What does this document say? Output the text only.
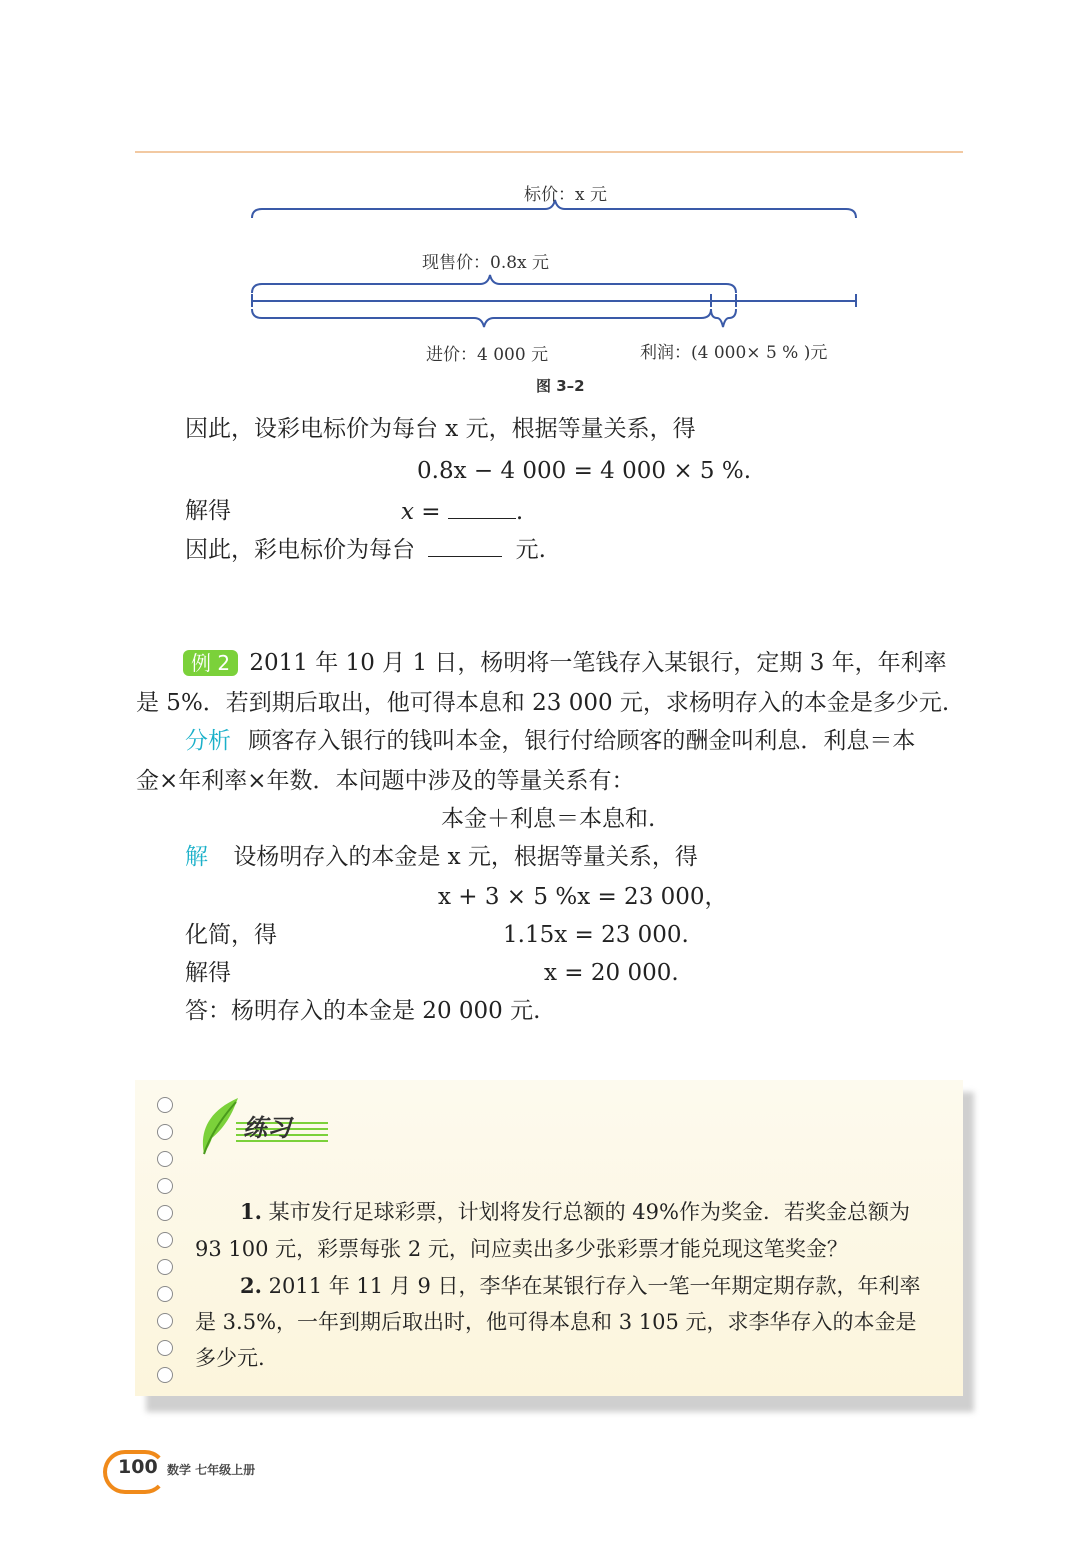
标价：x 元
现售价：0.8x 元
进价：4 000 元	利润：(4 000× 5 % )元
图 3–2
因此，设彩电标价为每台 x 元，根据等量关系，得
0.8x − 4 000 = 4 000 × 5 %.
解得	x =	.
因此，彩电标价为每台	元.
例 2 2011 年 10 月 1 日，杨明将一笔钱存入某银行，定期 3 年，年利率
是 5%．若到期后取出，他可得本息和 23 000 元，求杨明存入的本金是多少元.
分析 顾客存入银行的钱叫本金，银行付给顾客的酬金叫利息．利息＝本
金×年利率×年数．本问题中涉及的等量关系有：
本金＋利息＝本息和.
解 设杨明存入的本金是 x 元，根据等量关系，得
x + 3 × 5 %x = 23 000，
化简，得	1.15x = 23 000.
解得	x = 20 000.
答：杨明存入的本金是 20 000 元.
练习
1. 某市发行足球彩票，计划将发行总额的 49%作为奖金．若奖金总额为
93 100 元，彩票每张 2 元，问应卖出多少张彩票才能兑现这笔奖金？
2. 2011 年 11 月 9 日，李华在某银行存入一笔一年期定期存款，年利率
是 3.5%，一年到期后取出时，他可得本息和 3 105 元，求李华存入的本金是
多少元.
100 数学 七年级上册
